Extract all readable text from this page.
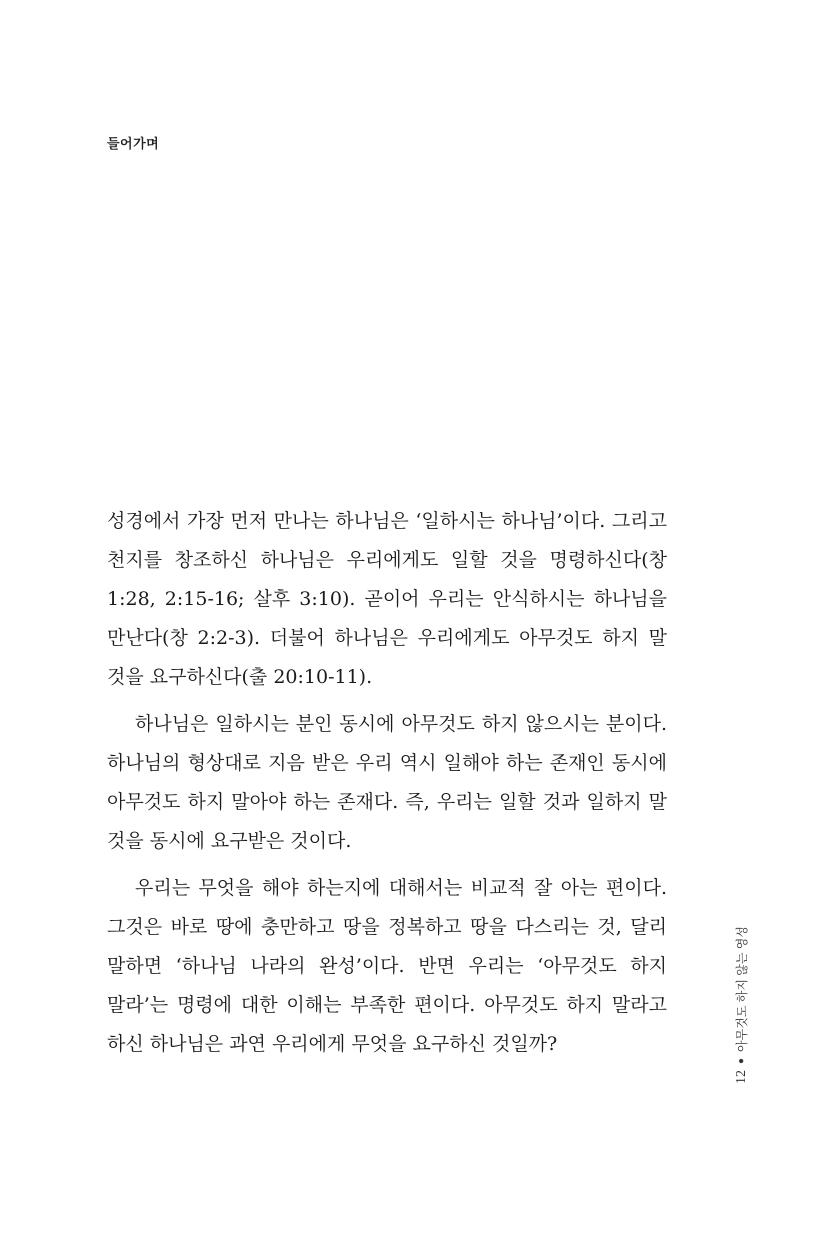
들어가며

성경에서 가장 먼저 만나는 하나님은 ‘일하시는 하나님’이다. 그리고 천지를 창조하신 하나님은 우리에게도 일할 것을 명령하신다(창 1:28, 2:15-16; 살후 3:10). 곧이어 우리는 안식하시는 하나님을 만난다(창 2:2-3). 더불어 하나님은 우리에게도 아무것도 하지 말 것을 요구하신다(출 20:10-11).

하나님은 일하시는 분인 동시에 아무것도 하지 않으시는 분이다. 하나님의 형상대로 지음 받은 우리 역시 일해야 하는 존재인 동시에 아무것도 하지 말아야 하는 존재다. 즉, 우리는 일할 것과 일하지 말 것을 동시에 요구받은 것이다.

우리는 무엇을 해야 하는지에 대해서는 비교적 잘 아는 편이다. 그것은 바로 땅에 충만하고 땅을 정복하고 땅을 다스리는 것, 달리 말하면 ‘하나님 나라의 완성’이다. 반면 우리는 ‘아무것도 하지 말라’는 명령에 대한 이해는 부족한 편이다. 아무것도 하지 말라고 하신 하나님은 과연 우리에게 무엇을 요구하신 것일까?

12
●
아무것도 하지 않는 영성
